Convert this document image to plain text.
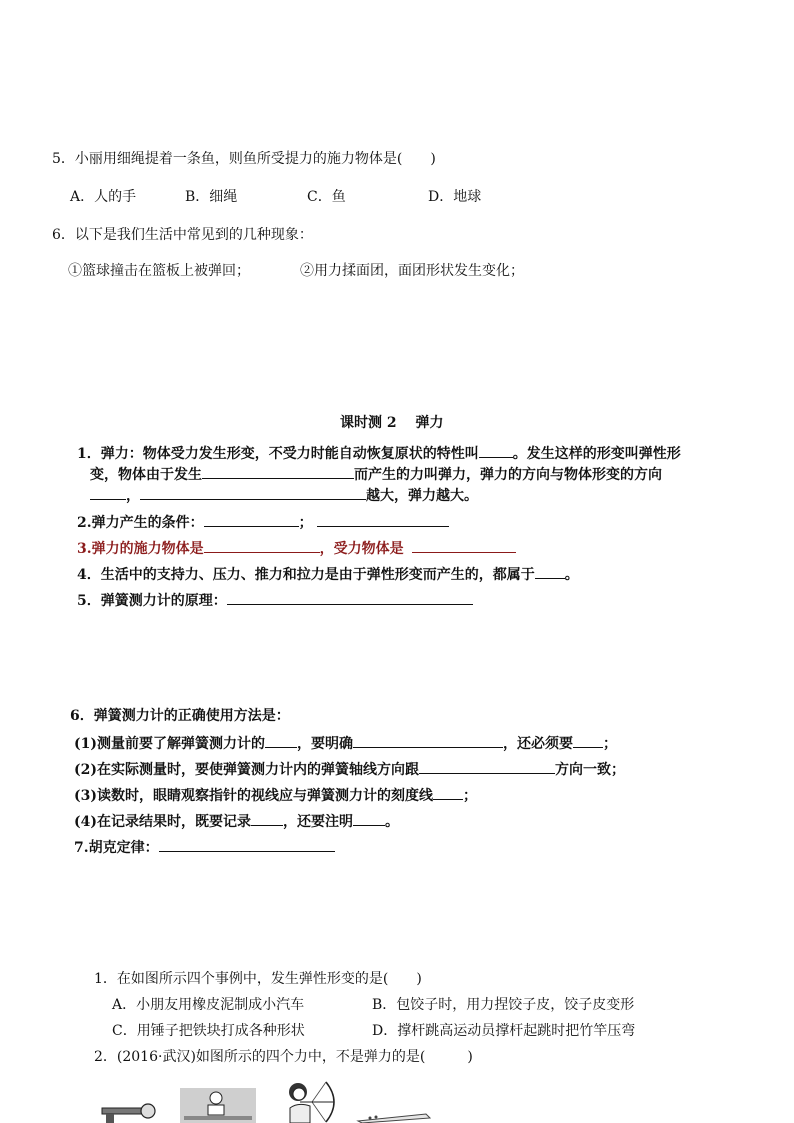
5．小丽用细绳提着一条鱼，则鱼所受提力的施力物体是(　　)
A．人的手	B．细绳	C．鱼	D．地球
6．以下是我们生活中常见到的几种现象：
①篮球撞击在篮板上被弹回；	②用力揉面团，面团形状发生变化；
课时测 2　 弹力
1．弹力：物体受力发生形变，不受力时能自动恢复原状的特性叫 。发生这样的形变叫弹性形
变，物体由于发生	而产生的力叫弹力，弹力的方向与物体形变的方向
，	越大，弹力越大。
2.弹力产生的条件：	；
3.弹力的施力物体是	，受力物体是
4．生活中的支持力、压力、推力和拉力是由于弹性形变而产生的，都属于 。
5．弹簧测力计的原理：
6．弹簧测力计的正确使用方法是：
(1)测量前要了解弹簧测力计的 ，要明确	，还必须要 ；
(2)在实际测量时，要使弹簧测力计内的弹簧轴线方向跟	方向一致；
(3)读数时，眼睛观察指针的视线应与弹簧测力计的刻度线 ；
(4)在记录结果时，既要记录 ，还要注明 。
7.胡克定律：
1．在如图所示四个事例中，发生弹性形变的是(　　)
A．小朋友用橡皮泥制成小汽车	B．包饺子时，用力捏饺子皮，饺子皮变形
C．用锤子把铁块打成各种形状	D．撑杆跳高运动员撑杆起跳时把竹竿压弯
2．(2016·武汉)如图所示的四个力中，不是弹力的是(　　　)
